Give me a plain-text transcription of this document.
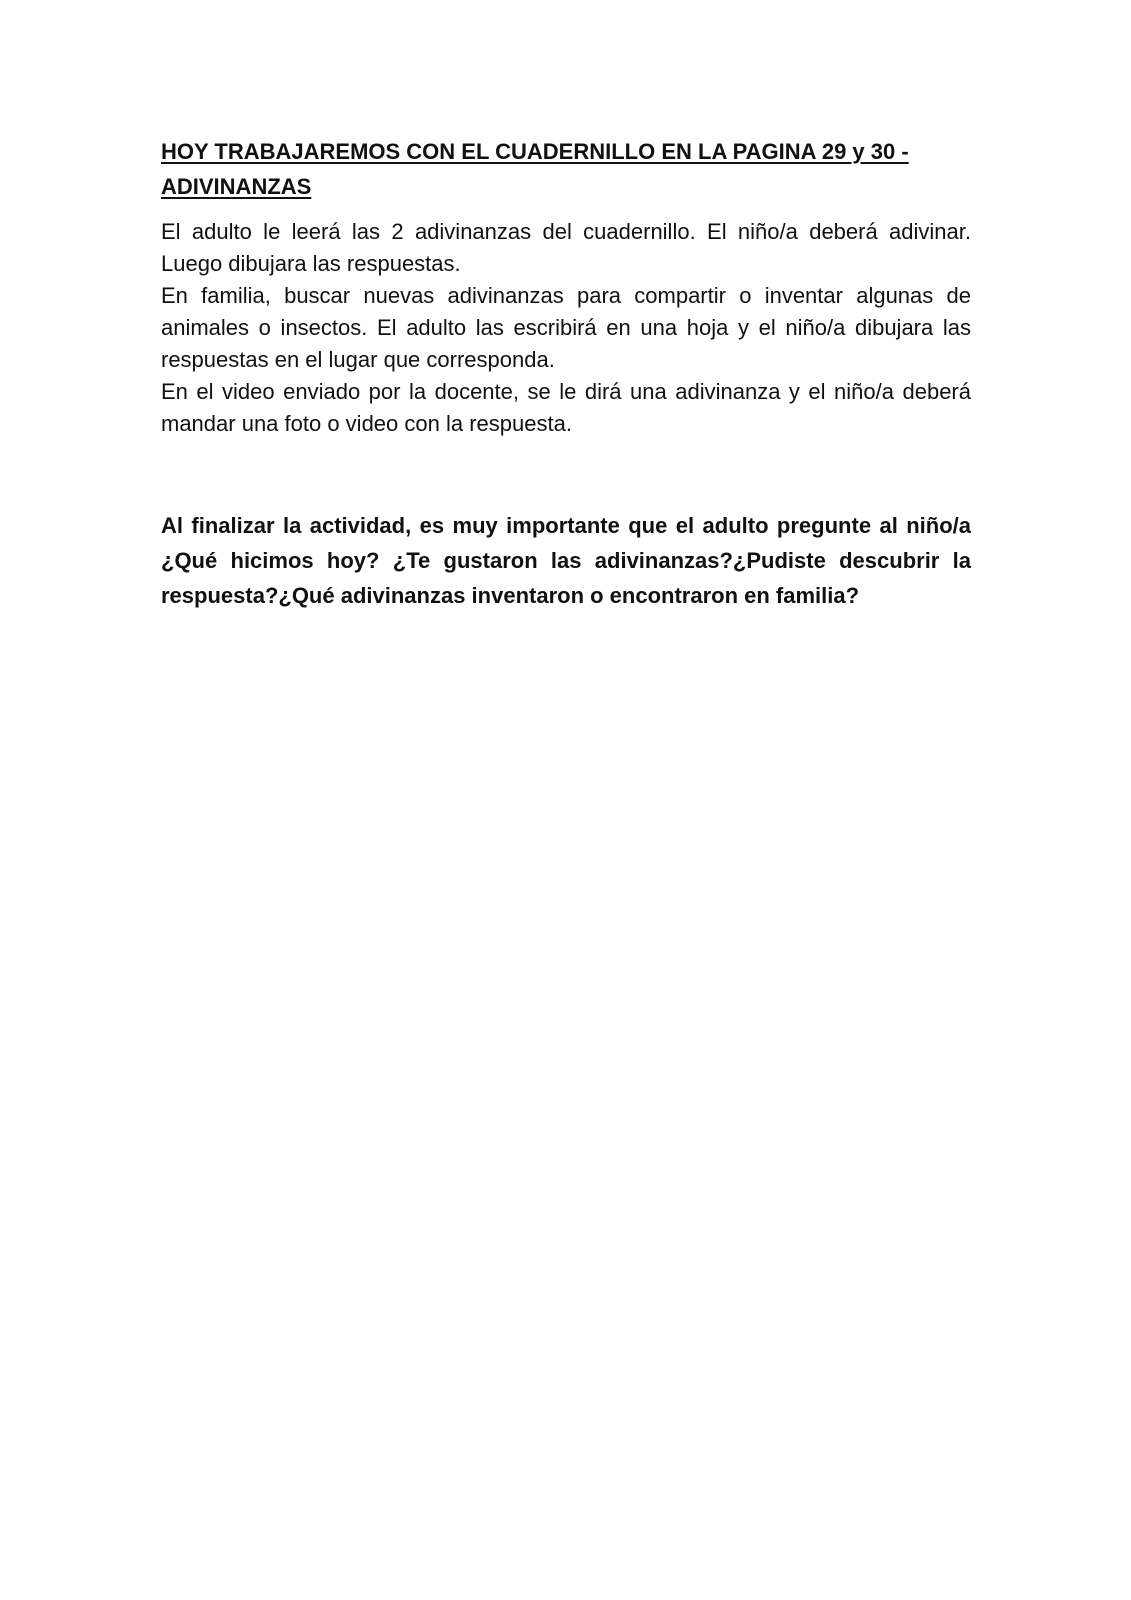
HOY TRABAJAREMOS CON EL CUADERNILLO EN LA PAGINA 29 y 30 -
ADIVINANZAS

El adulto le leerá las 2 adivinanzas del cuadernillo. El niño/a deberá adivinar. Luego dibujara las respuestas.

En familia, buscar nuevas adivinanzas para compartir o inventar algunas de animales o insectos. El adulto las escribirá en una hoja y el niño/a dibujara las respuestas en el lugar que corresponda.

En el video enviado por la docente, se le dirá una adivinanza y el niño/a deberá mandar una foto o video con la respuesta.

Al finalizar la actividad, es muy importante que el adulto pregunte al niño/a ¿Qué hicimos hoy? ¿Te gustaron las adivinanzas?¿Pudiste descubrir la respuesta?¿Qué adivinanzas inventaron o encontraron en familia?
